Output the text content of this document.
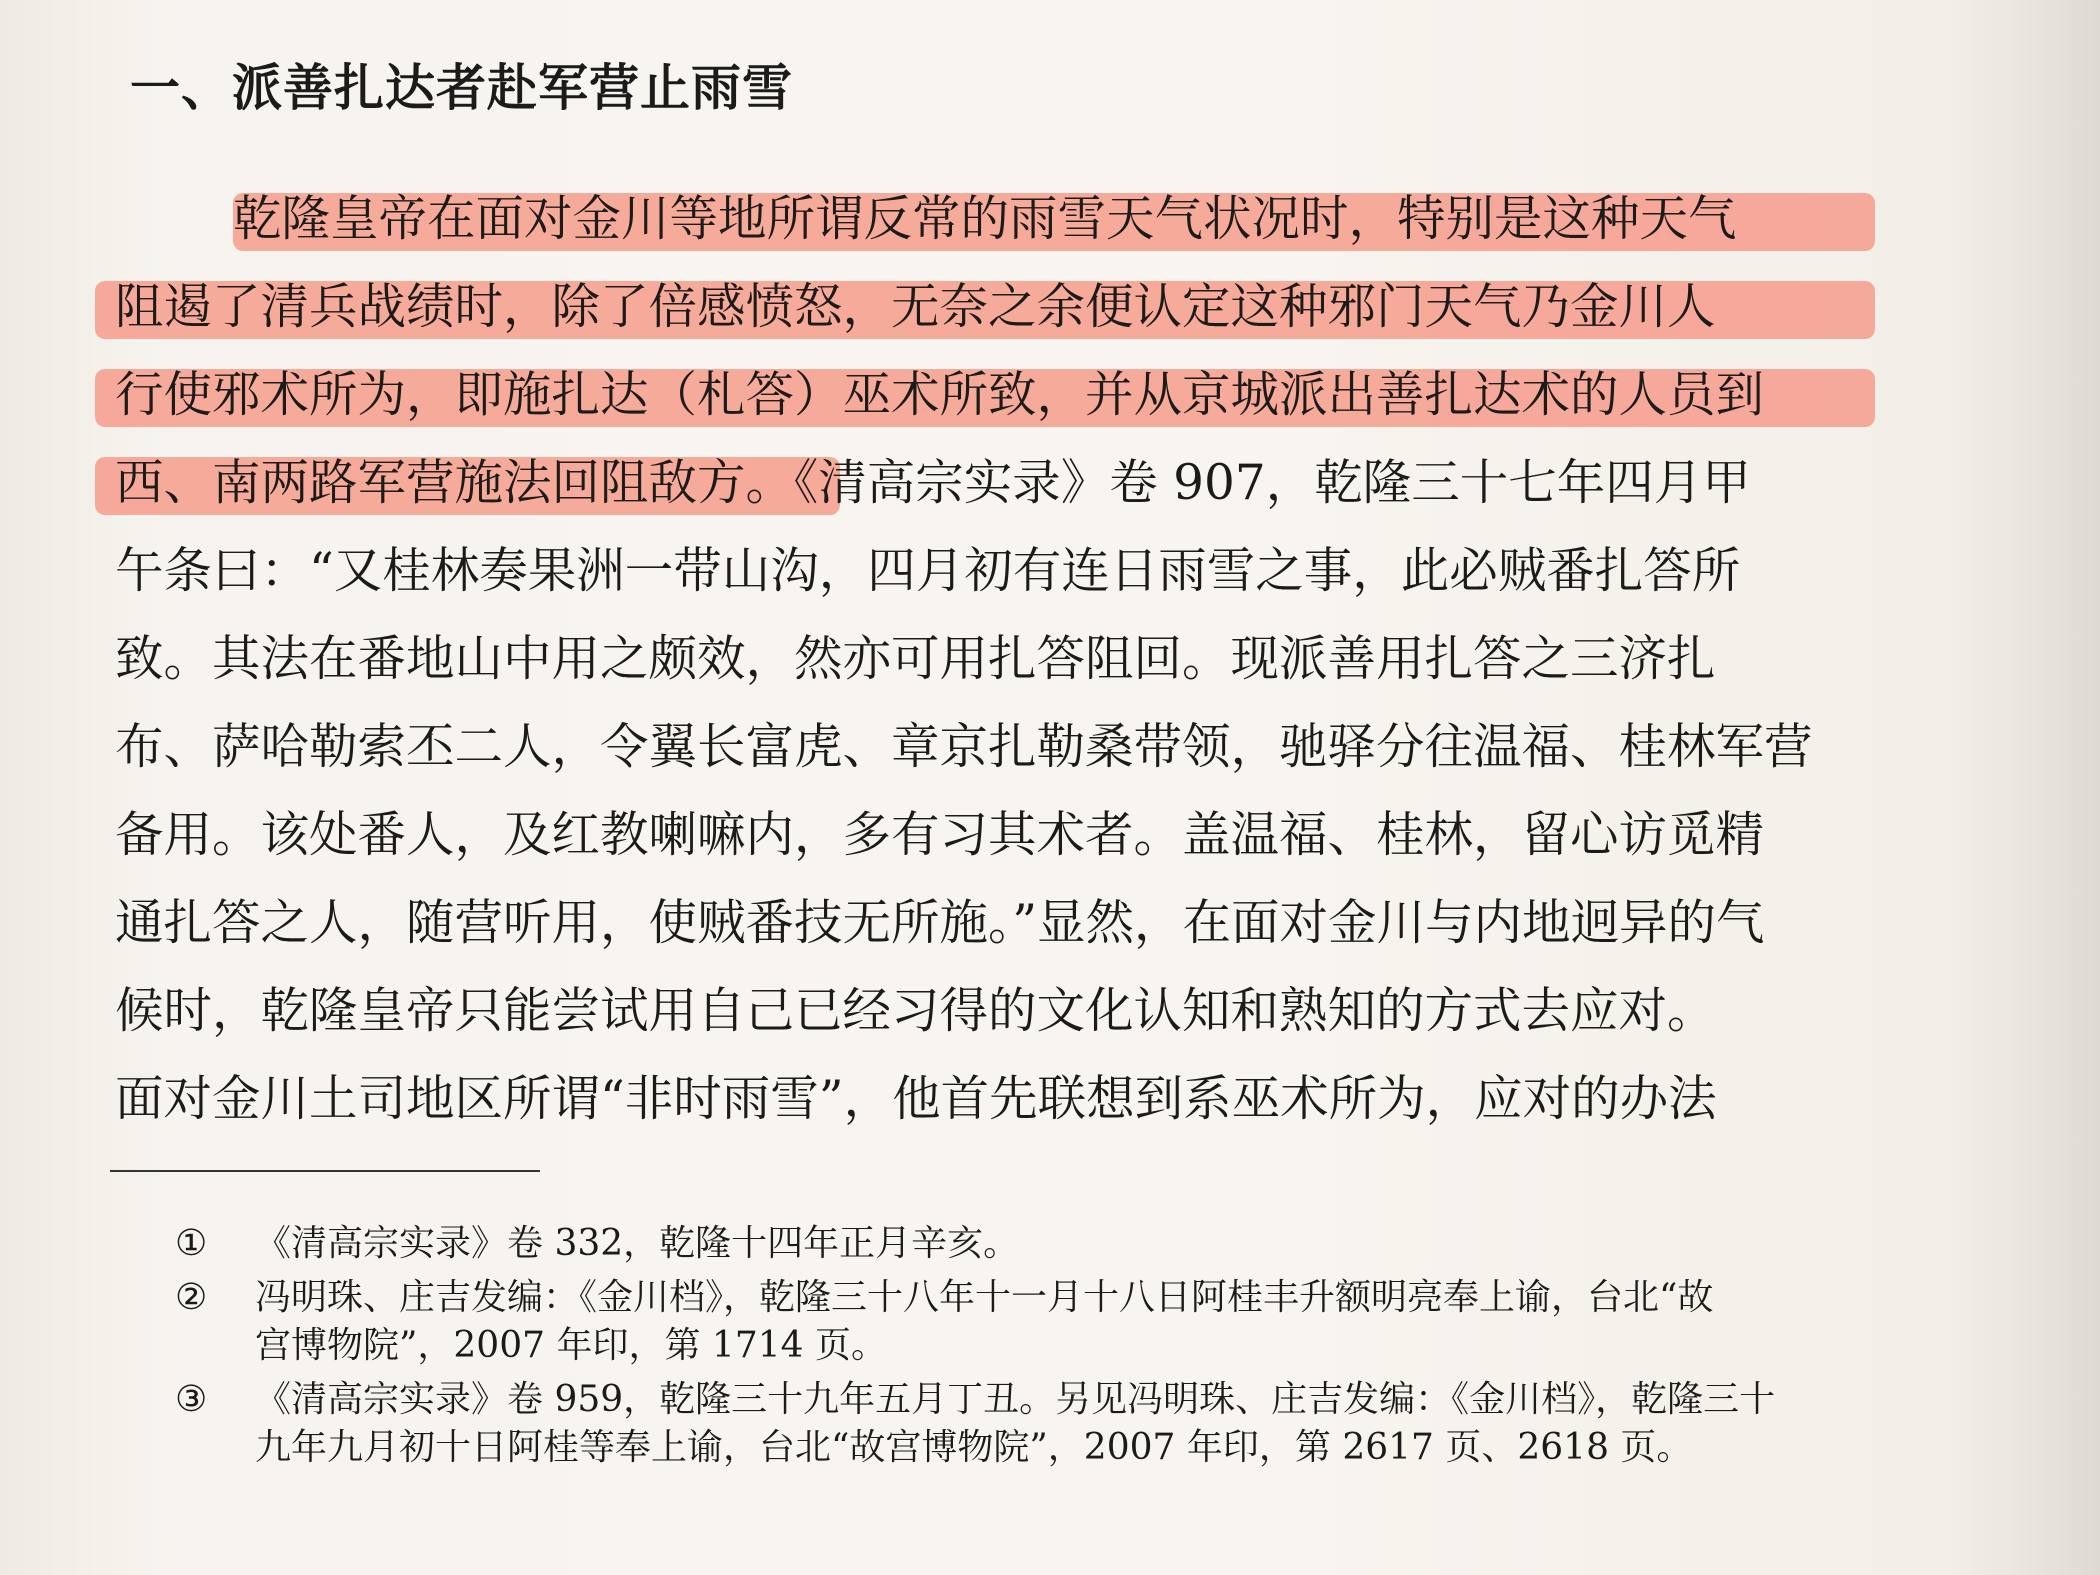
一、派善扎达者赴军营止雨雪
乾隆皇帝在面对金川等地所谓反常的雨雪天气状况时，特别是这种天气
阻遏了清兵战绩时，除了倍感愤怒，无奈之余便认定这种邪门天气乃金川人
行使邪术所为，即施扎达（札答）巫术所致，并从京城派出善扎达术的人员到
西、南两路军营施法回阻敌方。《清高宗实录》卷 907，乾隆三十七年四月甲
午条曰：“又桂林奏果洲一带山沟，四月初有连日雨雪之事，此必贼番扎答所
致。其法在番地山中用之颇效，然亦可用扎答阻回。现派善用扎答之三济扎
布、萨哈勒索丕二人，令翼长富虎、章京扎勒桑带领，驰驿分往温福、桂林军营
备用。该处番人，及红教喇嘛内，多有习其术者。盖温福、桂林，留心访觅精
通扎答之人，随营听用，使贼番技无所施。”显然，在面对金川与内地迥异的气
候时，乾隆皇帝只能尝试用自己已经习得的文化认知和熟知的方式去应对。
面对金川土司地区所谓“非时雨雪”，他首先联想到系巫术所为，应对的办法
① 《清高宗实录》卷 332，乾隆十四年正月辛亥。
② 冯明珠、庄吉发编：《金川档》，乾隆三十八年十一月十八日阿桂丰升额明亮奉上谕，台北“故
宫博物院”，2007 年印，第 1714 页。
③ 《清高宗实录》卷 959，乾隆三十九年五月丁丑。另见冯明珠、庄吉发编：《金川档》，乾隆三十
九年九月初十日阿桂等奉上谕，台北“故宫博物院”，2007 年印，第 2617 页、2618 页。
